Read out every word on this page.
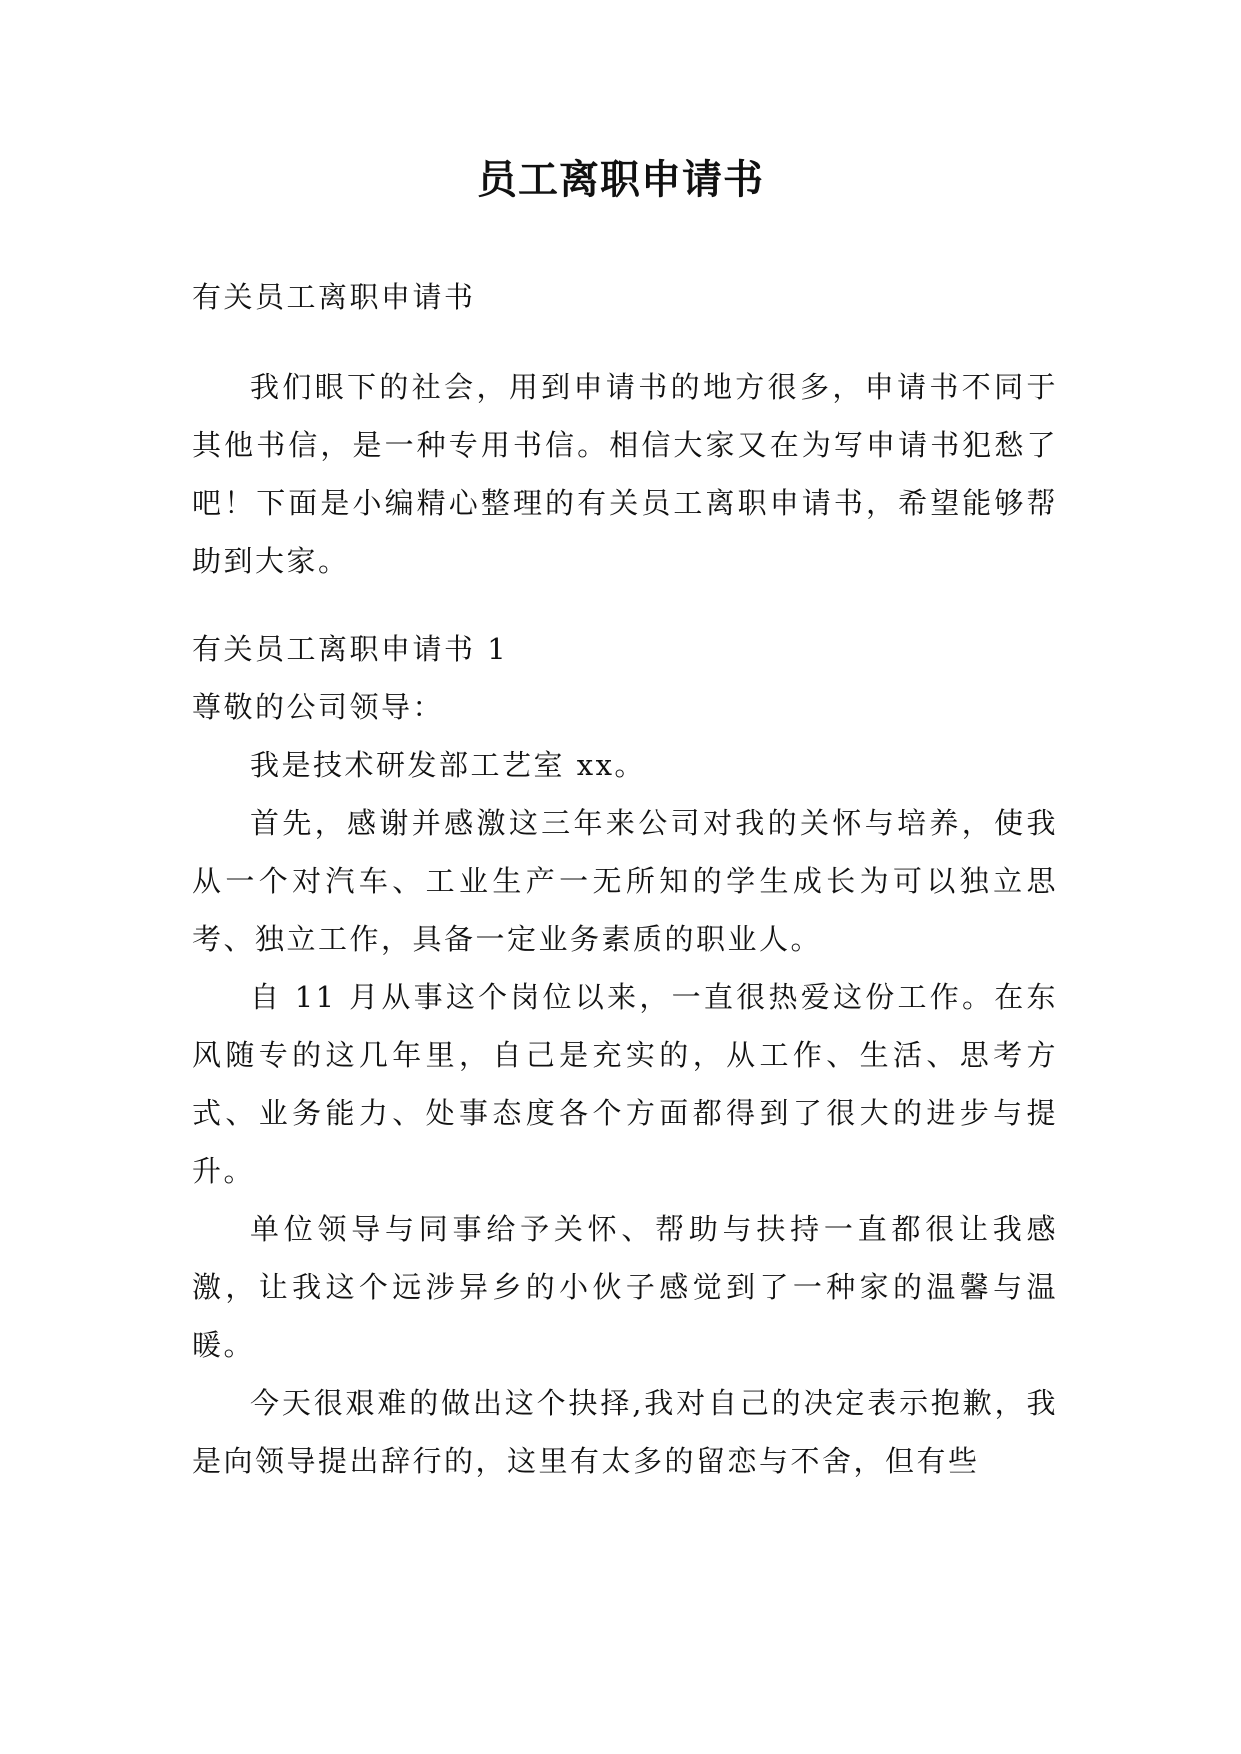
员工离职申请书

有关员工离职申请书

我们眼下的社会，用到申请书的地方很多，申请书不同于其他书信，是一种专用书信。相信大家又在为写申请书犯愁了吧！下面是小编精心整理的有关员工离职申请书，希望能够帮助到大家。

有关员工离职申请书 1

尊敬的公司领导：

我是技术研发部工艺室 xx。

首先，感谢并感激这三年来公司对我的关怀与培养，使我从一个对汽车、工业生产一无所知的学生成长为可以独立思考、独立工作，具备一定业务素质的职业人。

自 11 月从事这个岗位以来，一直很热爱这份工作。在东风随专的这几年里，自己是充实的，从工作、生活、思考方式、业务能力、处事态度各个方面都得到了很大的进步与提升。

单位领导与同事给予关怀、帮助与扶持一直都很让我感激，让我这个远涉异乡的小伙子感觉到了一种家的温馨与温暖。

今天很艰难的做出这个抉择,我对自己的决定表示抱歉，我是向领导提出辞行的，这里有太多的留恋与不舍，但有些
